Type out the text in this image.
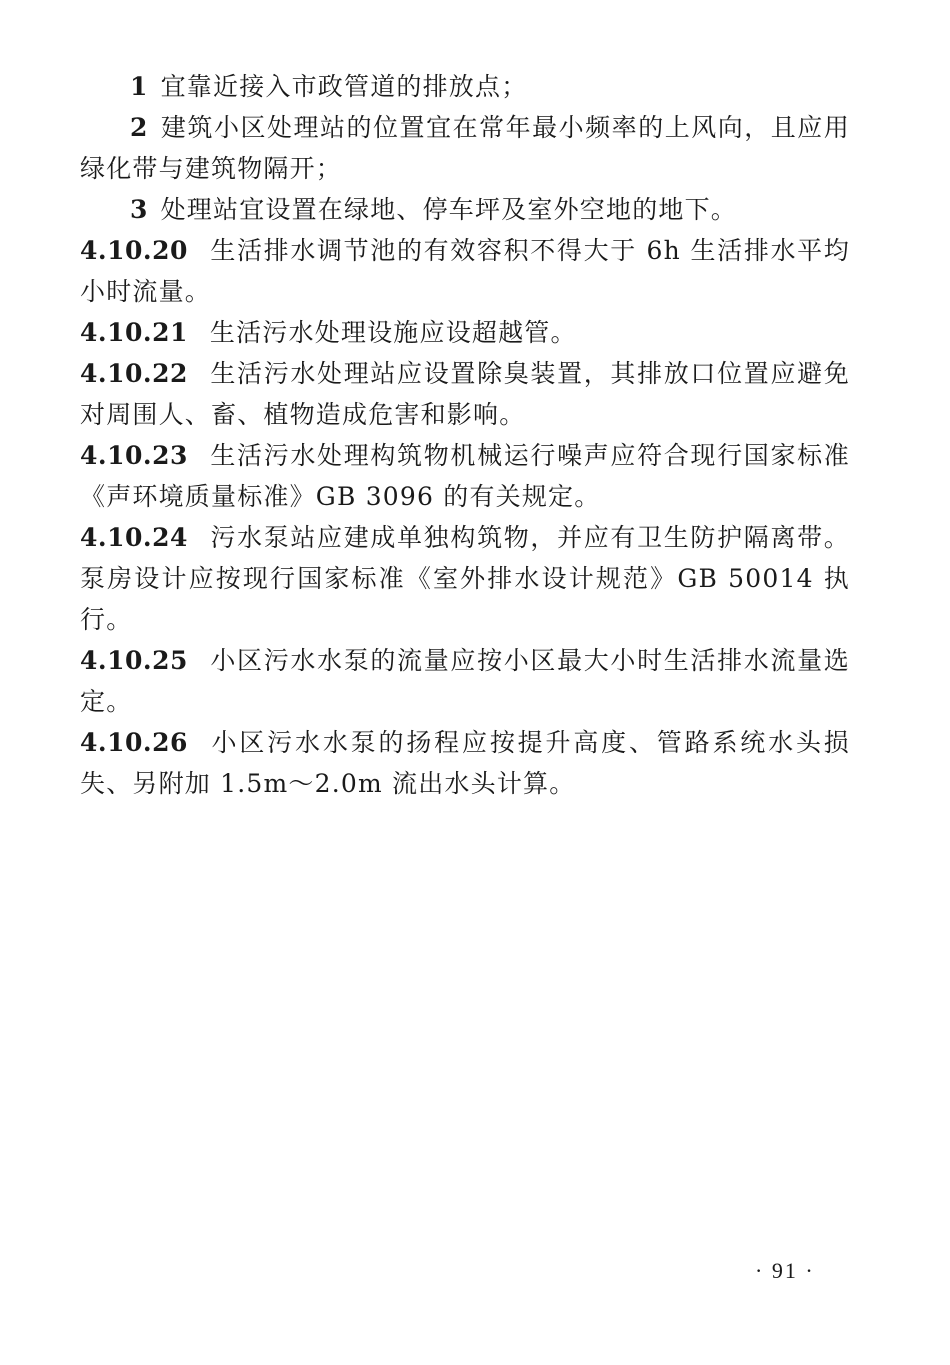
1 宜靠近接入市政管道的排放点；

2 建筑小区处理站的位置宜在常年最小频率的上风向，且应用绿化带与建筑物隔开；

3 处理站宜设置在绿地、停车坪及室外空地的地下。

4.10.20 生活排水调节池的有效容积不得大于 6h 生活排水平均小时流量。

4.10.21 生活污水处理设施应设超越管。

4.10.22 生活污水处理站应设置除臭装置，其排放口位置应避免对周围人、畜、植物造成危害和影响。

4.10.23 生活污水处理构筑物机械运行噪声应符合现行国家标准《声环境质量标准》GB 3096 的有关规定。

4.10.24 污水泵站应建成单独构筑物，并应有卫生防护隔离带。泵房设计应按现行国家标准《室外排水设计规范》GB 50014 执行。

4.10.25 小区污水水泵的流量应按小区最大小时生活排水流量选定。

4.10.26 小区污水水泵的扬程应按提升高度、管路系统水头损失、另附加 1.5m～2.0m 流出水头计算。

· 91 ·
